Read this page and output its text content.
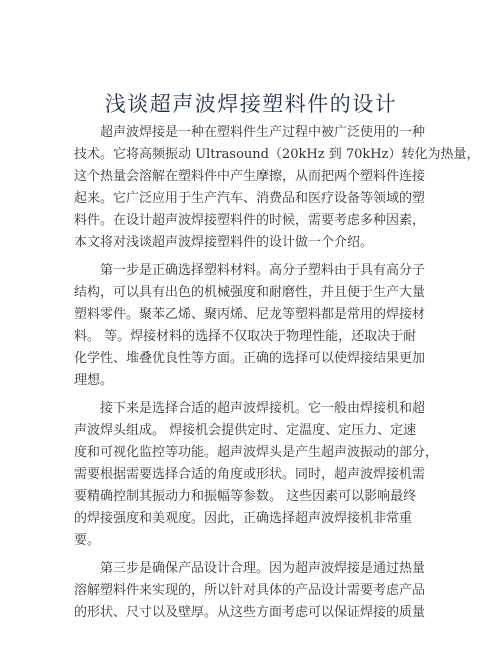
浅谈超声波焊接塑料件的设计
超声波焊接是一种在塑料件生产过程中被广泛使用的一种
技术。它将高频振动 Ultrasound（20kHz 到 70kHz）转化为热量，
这个热量会溶解在塑料件中产生摩擦，从而把两个塑料件连接
起来。它广泛应用于生产汽车、消费品和医疗设备等领域的塑
料件。在设计超声波焊接塑料件的时候，需要考虑多种因素，
本文将对浅谈超声波焊接塑料件的设计做一个介绍。
第一步是正确选择塑料材料。高分子塑料由于具有高分子
结构，可以具有出色的机械强度和耐磨性，并且便于生产大量
塑料零件。聚苯乙烯、聚丙烯、尼龙等塑料都是常用的焊接材
料。 等。焊接材料的选择不仅取决于物理性能，还取决于耐
化学性、堆叠优良性等方面。正确的选择可以使焊接结果更加
理想。
接下来是选择合适的超声波焊接机。它一般由焊接机和超
声波焊头组成。 焊接机会提供定时、定温度、定压力、定速
度和可视化监控等功能。超声波焊头是产生超声波振动的部分，
需要根据需要选择合适的角度或形状。同时，超声波焊接机需
要精确控制其振动力和振幅等参数。 这些因素可以影响最终
的焊接强度和美观度。因此，正确选择超声波焊接机非常重
要。
第三步是确保产品设计合理。因为超声波焊接是通过热量
溶解塑料件来实现的，所以针对具体的产品设计需要考虑产品
的形状、尺寸以及壁厚。从这些方面考虑可以保证焊接的质量
